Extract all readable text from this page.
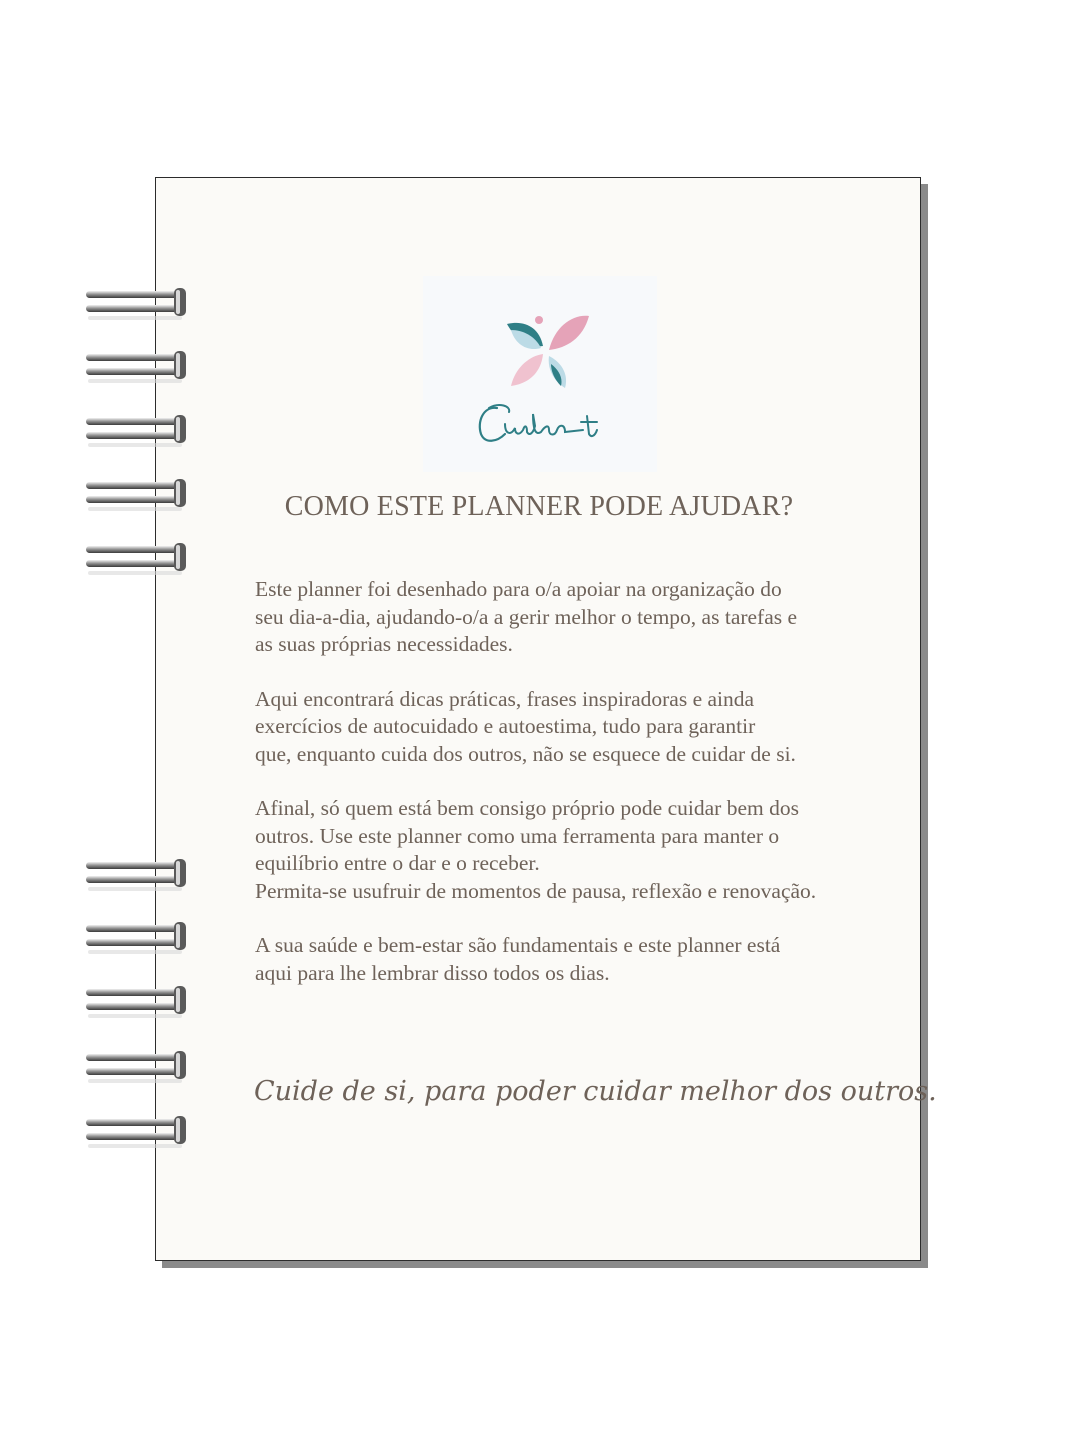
COMO ESTE PLANNER PODE AJUDAR?

Este planner foi desenhado para o/a apoiar na organização do
seu dia-a-dia, ajudando-o/a a gerir melhor o tempo, as tarefas e
as suas próprias necessidades.

Aqui encontrará dicas práticas, frases inspiradoras e ainda
exercícios de autocuidado e autoestima, tudo para garantir
que, enquanto cuida dos outros, não se esquece de cuidar de si.

Afinal, só quem está bem consigo próprio pode cuidar bem dos
outros. Use este planner como uma ferramenta para manter o
equilíbrio entre o dar e o receber.
Permita-se usufruir de momentos de pausa, reflexão e renovação.

A sua saúde e bem-estar são fundamentais e este planner está
aqui para lhe lembrar disso todos os dias.

Cuide de si, para poder cuidar melhor dos outros.
